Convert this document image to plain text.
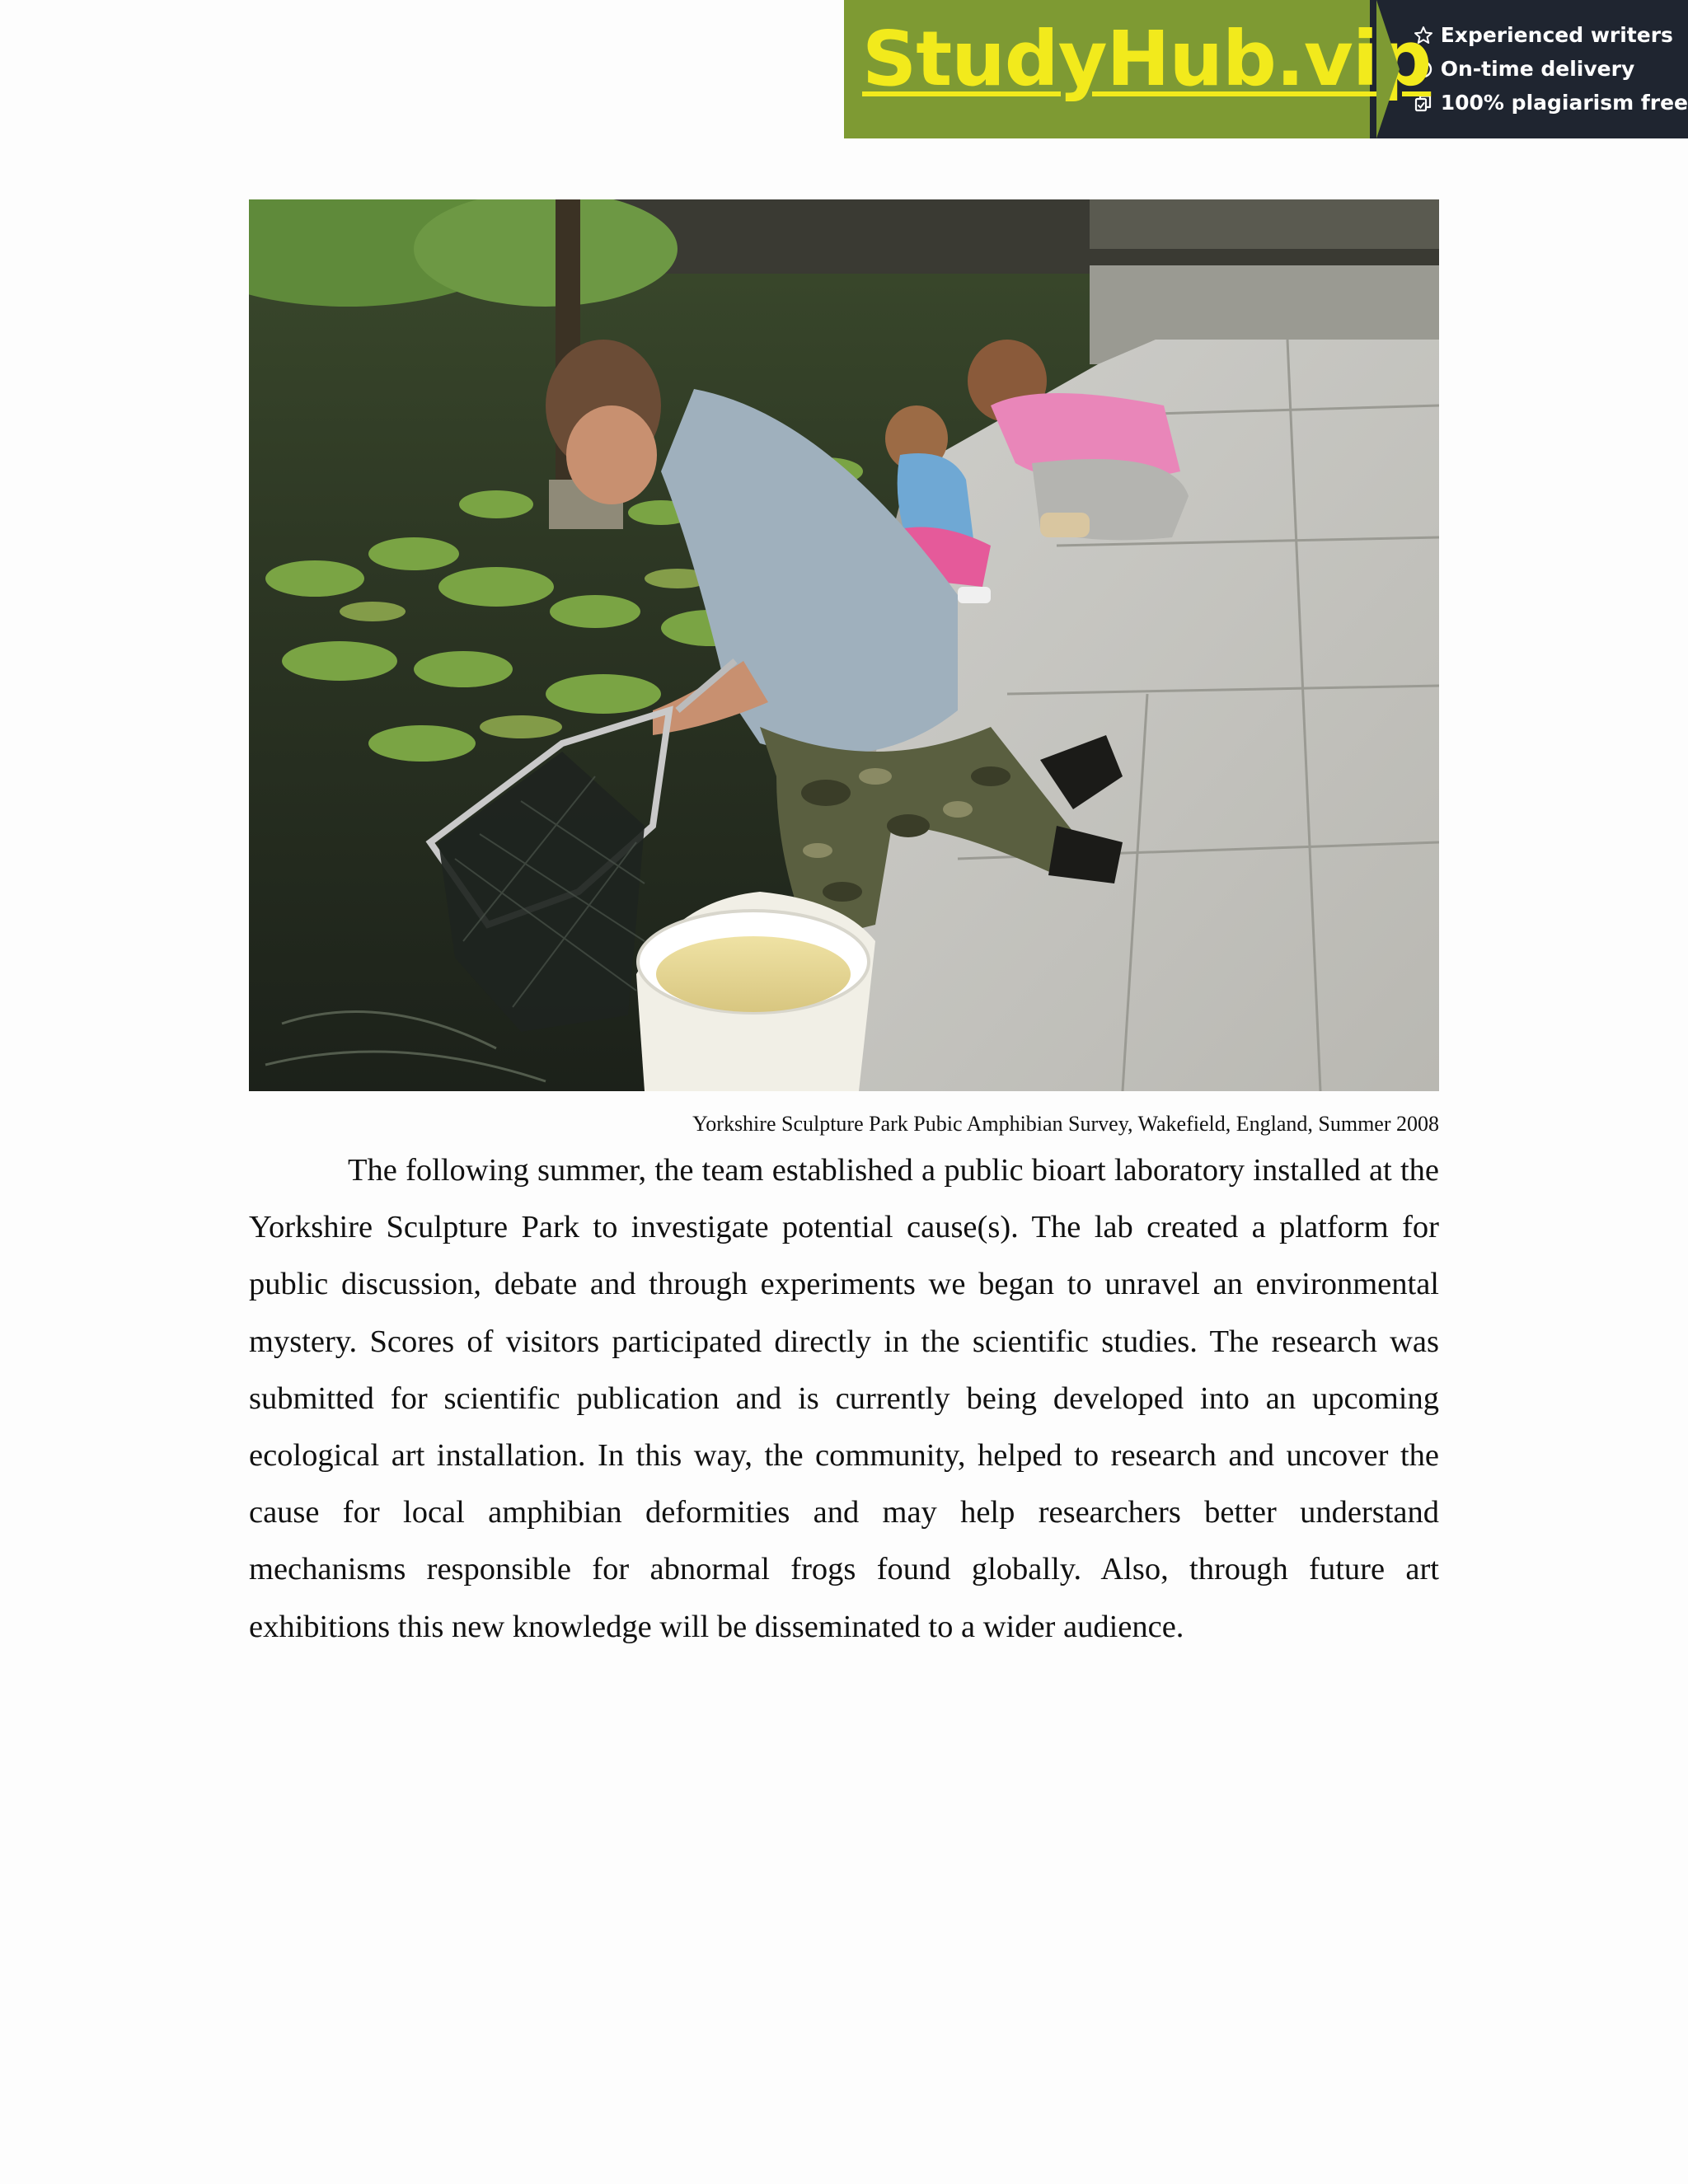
StudyHub.vip Experienced writers
On-time delivery
100% plagiarism free
Yorkshire Sculpture Park Pubic Amphibian Survey, Wakefield, England, Summer 2008

The following summer, the team established a public bioart laboratory installed at the Yorkshire Sculpture Park to investigate potential cause(s). The lab created a platform for public discussion, debate and through experiments we began to unravel an environmental mystery. Scores of visitors participated directly in the scientific studies. The research was submitted for scientific publication and is currently being developed into an upcoming ecological art installation. In this way, the community, helped to research and uncover the cause for local amphibian deformities and may help researchers better understand mechanisms responsible for abnormal frogs found globally. Also, through future art exhibitions this new knowledge will be disseminated to a wider audience.
